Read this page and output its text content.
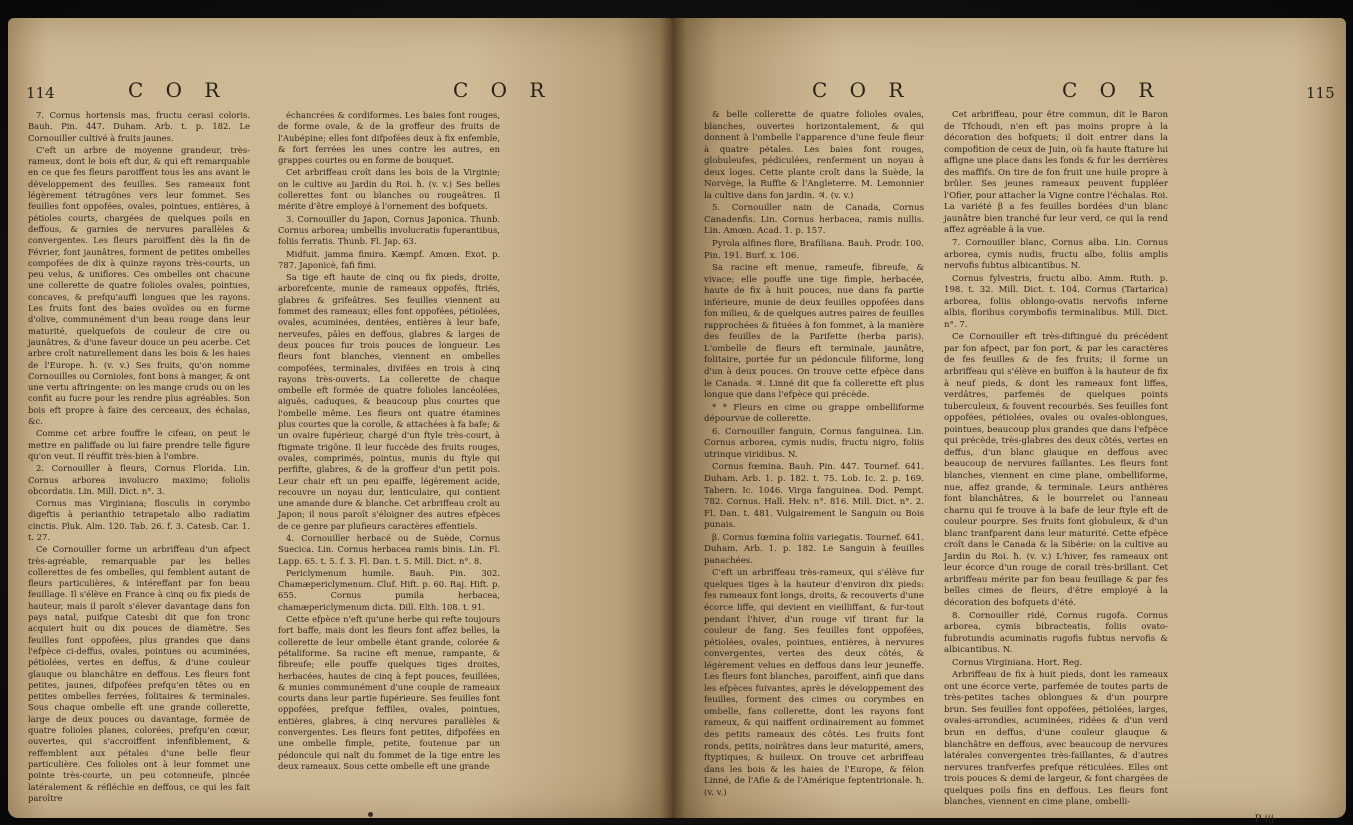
114	C O R	C O R

7. Cornus hortensis mas, fructu cerasi coloris. Bauh. Pin. 447. Duham. Arb. t. p. 182. Le Cornouiller cultivé à fruits jaunes.

C'eft un arbre de moyenne grandeur, très-rameux, dont le bois eft dur, & qui eft remarquable en ce que fes fleurs paroiffent tous les ans avant le développement des feuilles. Ses rameaux font légèrement tétragônes vers leur fommet. Ses feuilles font oppofées, ovales, pointues, entières, à pétioles courts, chargées de quelques poils en deffous, & garnies de nervures parallèles & convergentes. Les fleurs paroiffent dès la fin de Février, font jaunâtres, forment de petites ombelles compofées de dix à quinze rayons très-courts, un peu velus, & uniflores. Ces ombelles ont chacune une collerette de quatre folioles ovales, pointues, concaves, & prefqu'auffi longues que les rayons. Les fruits font des baies ovoïdes ou en forme d'olive, communément d'un beau rouge dans leur maturité, quelquefois de couleur de cire ou jaunâtres, & d'une faveur douce un peu acerbe. Cet arbre croît naturellement dans les bois & les haies de l'Europe. ħ. (v. v.) Ses fruits, qu'on nomme Cornouilles ou Cornioles, font bons à manger, & ont une vertu aftringente: on les mange cruds ou on les confit au fucre pour les rendre plus agréables. Son bois eft propre à faire des cerceaux, des échalas, &c.

Comme cet arbre fouffre le cifeau, on peut le mettre en paliffade ou lui faire prendre telle figure qu'on veut. Il réuffit très-bien à l'ombre.

2. Cornouiller à fleurs, Cornus Florida. Lin. Cornus arborea involucro maximo; foliolis obcordatis. Lin. Mill. Dict. n°. 3.

Cornus mas Virginiana; flosculis in corymbo digeftis à perianthio tetrapetalo albo radiatim cinctis. Pluk. Alm. 120. Tab. 26. f. 3. Catesb. Car. 1. t. 27.

Ce Cornouiller forme un arbriffeau d'un afpect très-agréable, remarquable par les belles collerettes de fes ombelles, qui femblent autant de fleurs particulières, & intéreffant par fon beau feuillage. Il s'élève en France à cinq ou fix pieds de hauteur, mais il paroît s'élever davantage dans fon pays natal, puifque Catesbi dit que fon tronc acquiert huit ou dix pouces de diamètre. Ses feuilles font oppofées, plus grandes que dans l'efpèce ci-deffus, ovales, pointues ou acuminées, pétiolées, vertes en deffus, & d'une couleur glauque ou blanchâtre en deffous. Les fleurs font petites, jaunes, difpofées prefqu'en têtes ou en petites ombelles ferrées, folitaires & terminales. Sous chaque ombelle eft une grande collerette, large de deux pouces ou davantage, formée de quatre folioles planes, colorées, prefqu'en cœur, ouvertes, qui s'accroiffent infenfiblement, & reffemblent aux pétales d'une belle fleur particulière. Ces folioles ont à leur fommet une pointe très-courte, un peu cotonneufe, pincée latéralement & réfléchie en deffous, ce qui les fait paroître

échancrées & cordiformes. Les baies font rouges, de forme ovale, & de la groffeur des fruits de l'Aubépine; elles font difpofées deux à fix enfemble, & fort ferrées les unes contre les autres, en grappes courtes ou en forme de bouquet.

Cet arbriffeau croît dans les bois de la Virginie; on le cultive au Jardin du Roi. ħ. (v. v.) Ses belles collerettes font ou blanches ou rougeâtres. Il mérite d'être employé à l'ornement des bofquets.

3. Cornouiller du Japon, Cornus Japonica. Thunb. Cornus arborea; umbellis involucratis fuperantibus, foliis ferratis. Thunb. Fl. Jap. 63.

Midfuit. jamma fimira. Kæmpf. Amœn. Exot. p. 787. Japonicè, fafi fimi.

Sa tige eft haute de cinq ou fix pieds, droite, arborefcente, munie de rameaux oppofés, ftriés, glabres & grifeâtres. Ses feuilles viennent au fommet des rameaux; elles font oppofées, pétiolées, ovales, acuminées, dentées, entières à leur bafe, nerveufes, pâles en deffous, glabres & larges de deux pouces fur trois pouces de longueur. Les fleurs font blanches, viennent en ombelles compofées, terminales, divifées en trois à cinq rayons très-ouverts. La collerette de chaque ombelle eft formée de quatre folioles lancéolées, aiguës, caduques, & beaucoup plus courtes que l'ombelle même. Les fleurs ont quatre étamines plus courtes que la corolle, & attachées à fa bafe; & un ovaire fupérieur, chargé d'un ftyle très-court, à ftigmate trigône. Il leur fuccède des fruits rouges, ovales, comprimés, pointus, munis du ftyle qui perfifte, glabres, & de la groffeur d'un petit pois. Leur chair eft un peu epaiffe, légèrement acide, recouvre un noyau dur, lenticulaire, qui contient une amande dure & blanche. Cet arbriffeau croît au Japon; il nous paroît s'éloigner des autres efpèces de ce genre par plufieurs caractères effentiels.

4. Cornouiller herbacé ou de Suède, Cornus Suecica. Lin. Cornus herbacea ramis binis. Lin. Fl. Lapp. 65. t. 5. f. 3. Fl. Dan. t. 5. Mill. Dict. n°. 8.

Periclymenum humile. Bauh. Pin. 302. Chamæpericlymenum. Cluf. Hift. p. 60. Raj. Hift. p. 655. Cornus pumila herbacea, chamæpericlymenum dicta. Dill. Elth. 108. t. 91.

Cette efpèce n'eft qu'une herbe qui refte toujours fort baffe, mais dont les fleurs font affez belles, la collerette de leur ombelle étant grande, colorée & pétaliforme. Sa racine eft menue, rampante, & fibreufe; elle pouffe quelques tiges droites, herbacées, hautes de cinq à fept pouces, feuillées, & munies communément d'une couple de rameaux courts dans leur partie fupérieure. Ses feuilles font oppofées, prefque feffiles, ovales, pointues, entières, glabres, à cinq nervures parallèles & convergentes. Les fleurs font petites, difpofées en une ombelle fimple, petite, foutenue par un pédoncule qui naît du fommet de la tige entre les deux rameaux. Sous cette ombelle eft une grande

C O R	C O R	115

& belle collerette de quatre folioles ovales, blanches, ouvertes horizontalement, & qui donnent à l'ombelle l'apparence d'une feule fleur à quatre pétales. Les baies font rouges, globuleufes, pédiculées, renferment un noyau à deux loges. Cette plante croît dans la Suède, la Norvège, la Ruffie & l'Angleterre. M. Lemonnier la cultive dans fon jardin. ♃. (v. v.)

5. Cornouiller nain de Canada, Cornus Canadenfis. Lin. Cornus herbacea, ramis nullis. Lin. Amœn. Acad. 1. p. 157.

Pyrola alfines flore, Brafiliana. Bauh. Prodr. 100. Pin. 191. Burf. x. 106.

Sa racine eft menue, rameufe, fibreufe, & vivace; elle pouffe une tige fimple, herbacée, haute de fix à huit pouces, nue dans fa partie inférieure, munie de deux feuilles oppofées dans fon milieu, & de quelques autres paires de feuilles rapprochées & fituées à fon fommet, à la manière des feuilles de la Parifette (herba paris). L'ombelle de fleurs eft terminale, jaunâtre, folitaire, portée fur un pédoncule filiforme, long d'un à deux pouces. On trouve cette efpèce dans le Canada. ♃. Linné dit que fa collerette eft plus longue que dans l'efpèce qui précède.

* * Fleurs en cime ou grappe ombelliforme dépourvue de collerette.

6. Cornouiller fanguin, Cornus fanguinea. Lin. Cornus arborea, cymis nudis, fructu nigro, foliis utrinque viridibus. N.

Cornus fœmina. Bauh. Pin. 447. Tournef. 641. Duham. Arb. 1. p. 182. t. 75. Lob. Ic. 2. p. 169. Tabern. Ic. 1046. Virga fanguinea. Dod. Pempt. 782. Cornus. Hall. Helv. n°. 816. Mill. Dict. n°. 2. Fl. Dan. t. 481. Vulgairement le Sanguin ou Bois punais.

β. Cornus fœmina foliis variegatis. Tournef. 641. Duham. Arb. 1. p. 182. Le Sanguin à feuilles panachées.

C'eft un arbriffeau très-rameux, qui s'élève fur quelques tiges à la hauteur d'environ dix pieds: fes rameaux font longs, droits, & recouverts d'une écorce liffe, qui devient en vieilliffant, & fur-tout pendant l'hiver, d'un rouge vif tirant fur la couleur de fang. Ses feuilles font oppofées, pétiolées, ovales, pointues, entières, à nervures convergentes, vertes des deux côtés, & légèrement velues en deffous dans leur jeuneffe. Les fleurs font blanches, paroiffent, ainfi que dans les efpèces fuivantes, après le développement des feuilles, forment des cimes ou corymbes en ombelle, fans collerette, dont les rayons font rameux, & qui naiffent ordinairement au fommet des petits rameaux des côtés. Les fruits font ronds, petits, noirâtres dans leur maturité, amers, ftyptiques, & huileux. On trouve cet arbriffeau dans les bois & les haies de l'Europe, & félon Linné, de l'Afie & de l'Amérique feptentrionale. ħ. (v. v.)

Cet arbriffeau, pour être commun, dit le Baron de Tfchoudi, n'en eft pas moins propre à la décoration des bofquets; il doit entrer dans la compofition de ceux de Juin, où fa haute ftature lui affigne une place dans les fonds & fur les derrières des maffifs. On tire de fon fruit une huile propre à brûler. Ses jeunes rameaux peuvent fuppléer l'Ofier, pour attacher la Vigne contre l'échalas. Roi. La variété β a fes feuilles bordées d'un blanc jaunâtre bien tranché fur leur verd, ce qui la rend affez agréable à la vue.

7. Cornouiller blanc, Cornus alba. Lin. Cornus arborea, cymis nudis, fructu albo, foliis amplis nervofis fubtus albicantibus. N.

Cornus fylvestris, fructu albo. Amm. Ruth. p. 198. t. 32. Mill. Dict. t. 104. Cornus (Tartarica) arborea, foliis oblongo-ovatis nervofis inferne albis, floribus corymbofis terminalibus. Mill. Dict. n°. 7.

Ce Cornouiller eft très-diftingué du précédent par fon afpect, par fon port, & par les caractères de fes feuilles & de fes fruits; il forme un arbriffeau qui s'élève en buiffon à la hauteur de fix à neuf pieds, & dont les rameaux font liffes, verdâtres, parfemés de quelques points tuberculeux, & fouvent recourbés. Ses feuilles font oppofées, pétiolées, ovales ou ovales-oblongues, pointues, beaucoup plus grandes que dans l'efpèce qui précède, très-glabres des deux côtés, vertes en deffus, d'un blanc glauque en deffous avec beaucoup de nervures faillantes. Les fleurs font blanches, viennent en cime plane, ombelliforme, nue, affez grande, & terminale. Leurs anthères font blanchâtres, & le bourrelet ou l'anneau charnu qui fe trouve à la bafe de leur ftyle eft de couleur pourpre. Ses fruits font globuleux, & d'un blanc tranfparent dans leur maturité. Cette efpèce croît dans le Canada & la Sibérie: on la cultive au Jardin du Roi. ħ. (v. v.) L'hiver, fes rameaux ont leur écorce d'un rouge de corail très-brillant. Cet arbriffeau mérite par fon beau feuillage & par fes belles cimes de fleurs, d'être employé à la décoration des bofquets d'été.

8. Cornouiller ridé, Cornus rugofa. Cornus arborea, cymis bibracteatis, foliis ovato-fubrotundis acuminatis rugofis fubtus nervofis & albicantibus. N.

Cornus Virginiana. Hort. Reg.

Arbriffeau de fix à huit pieds, dont les rameaux ont une écorce verte, parfemée de toutes parts de très-petites taches oblongues & d'un pourpre brun. Ses feuilles font oppofées, pétiolées, larges, ovales-arrondies, acuminées, ridées & d'un verd brun en deffus, d'une couleur glauque & blanchâtre en deffous, avec beaucoup de nervures latérales convergentes très-faillantes, & d'autres nervures tranfverfes prefque réticulées. Elles ont trois pouces & demi de largeur, & font chargées de quelques poils fins en deffous. Les fleurs font blanches, viennent en cime plane, ombelli-

P iij
